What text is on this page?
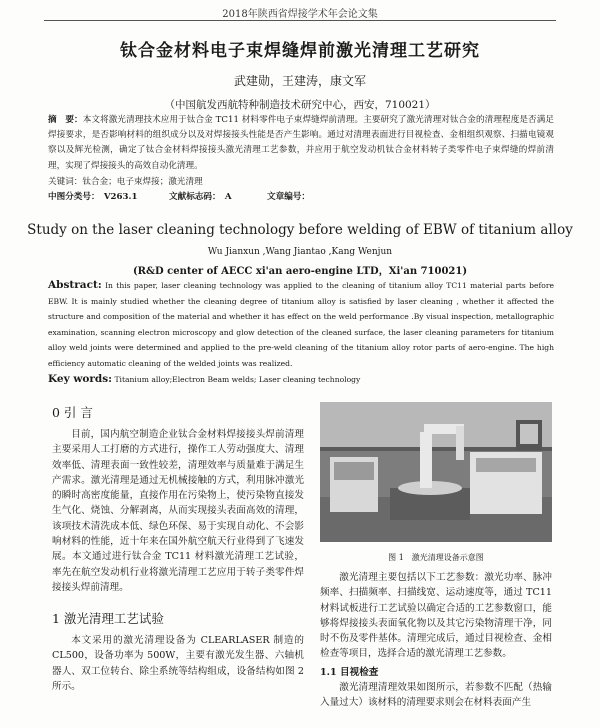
2018年陕西省焊接学术年会论文集
钛合金材料电子束焊缝焊前激光清理工艺研究
武建勋，王建涛，康文军
（中国航发西航特种制造技术研究中心，西安，710021）
摘　要：本文将激光清理技术应用于钛合金 TC11 材料零件电子束焊缝焊前清理。主要研究了激光清理对钛合金的清理程度是否满足焊接要求，是否影响材料的组织成分以及对焊接接头性能是否产生影响。通过对清理表面进行目视检查、金相组织观察、扫描电镜观察以及辉光检测，确定了钛合金材料焊接接头激光清理工艺参数，并应用于航空发动机钛合金材料转子类零件电子束焊缝的焊前清理，实现了焊接接头的高效自动化清理。
关键词：钛合金；电子束焊接；激光清理
中图分类号：　V263.1	文献标志码：　A	文章编号：
Study on the laser cleaning technology before welding of EBW of titanium alloy
Wu Jianxun ,Wang Jiantao ,Kang Wenjun
(R&D center of AECC xi'an aero-engine LTD，Xi'an 710021)
Abstract: In this paper, laser cleaning technology was applied to the cleaning of titanium alloy TC11 material parts before EBW. It is mainly studied whether the cleaning degree of titanium alloy is satisfied by laser cleaning , whether it affected the structure and composition of the material and whether it has effect on the weld performance .By visual inspection, metallographic examination, scanning electron microscopy and glow detection of the cleaned surface, the laser cleaning parameters for titanium alloy weld joints were determined and applied to the pre-weld cleaning of the titanium alloy rotor parts of aero-engine. The high efficiency automatic cleaning of the welded joints was realized.
Key words: Titanium alloy;Electron Beam welds; Laser cleaning technology
0 引 言
目前，国内航空制造企业钛合金材料焊接接头焊前清理主要采用人工打磨的方式进行，操作工人劳动强度大、清理效率低、清理表面一致性较差，清理效率与质量难于满足生产需求。激光清理是通过无机械接触的方式，利用脉冲激光的瞬时高密度能量，直接作用在污染物上，使污染物直接发生气化、烧蚀、分解剥离，从而实现接头表面高效的清理，该项技术清洗成本低、绿色环保、易于实现自动化、不会影响材料的性能，近十年来在国外航空航天行业得到了飞速发展。本文通过进行钛合金 TC11 材料激光清理工艺试验，率先在航空发动机行业将激光清理工艺应用于转子类零件焊接接头焊前清理。
1 激光清理工艺试验
本文采用的激光清理设备为 CLEARLASER 制造的 CL500，设备功率为 500W，主要有激光发生器、六轴机器人、双工位转台、除尘系统等结构组成，设备结构如图 2 所示。
图 1　激光清理设备示意图
激光清理主要包括以下工艺参数：激光功率、脉冲频率、扫描频率、扫描线宽、运动速度等，通过 TC11 材料试板进行工艺试验以确定合适的工艺参数窗口，能够将焊接接头表面氧化物以及其它污染物清理干净，同时不伤及零件基体。清理完成后，通过目视检查、金相检查等项目，选择合适的激光清理工艺参数。
1.1 目视检查
激光清理清理效果如图所示，若参数不匹配（热输入量过大）该材料的清理要求则会在材料表面产生
